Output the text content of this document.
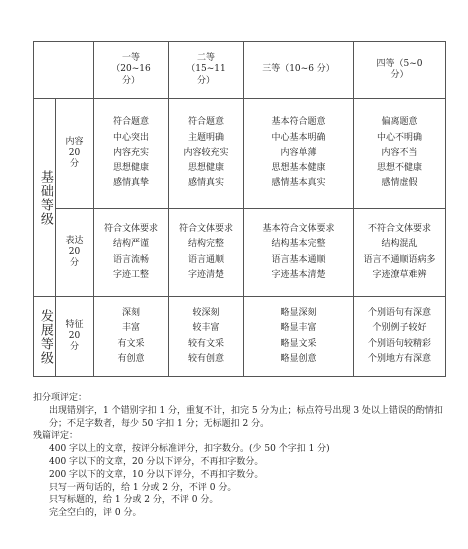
		一等
（20~16
分）	二等
（15~11
分）	三等（10~6 分）	四等（5~0
分）

基础等级	内容
20
分	符合题意
中心突出
内容充实
思想健康
感情真挚	符合题意
主题明确
内容较充实
思想健康
感情真实	基本符合题意
中心基本明确
内容单薄
思想基本健康
感情基本真实	偏离题意
中心不明确
内容不当
思想不健康
感情虚假

	表达
20
分	符合文体要求
结构严谨
语言流畅
字迹工整	符合文体要求
结构完整
语言通顺
字迹清楚	基本符合文体要求
结构基本完整
语言基本通顺
字迹基本清楚	不符合文体要求
结构混乱
语言不通顺语病多
字迹潦草难辨

发展等级	特征
20
分	深刻
丰富
有文采
有创意	较深刻
较丰富
较有文采
较有创意	略显深刻
略显丰富
略显文采
略显创意	个别语句有深意
个别例子较好
个别语句较精彩
个别地方有深意
扣分项评定：
出现错别字，1 个错别字扣 1 分，重复不计，扣完 5 分为止；标点符号出现 3 处以上错误的酌情扣分；不足字数者，每少 50 字扣 1 分；无标题扣 2 分。
残篇评定：
400 字以上的文章，按评分标准评分，扣字数分。(少 50 个字扣 1 分)
400 字以下的文章，20 分以下评分，不再扣字数分。
200 字以下的文章，10 分以下评分，不再扣字数分。
只写一两句话的，给 1 分或 2 分，不评 0 分。
只写标题的，给 1 分或 2 分，不评 0 分。
完全空白的，评 0 分。
